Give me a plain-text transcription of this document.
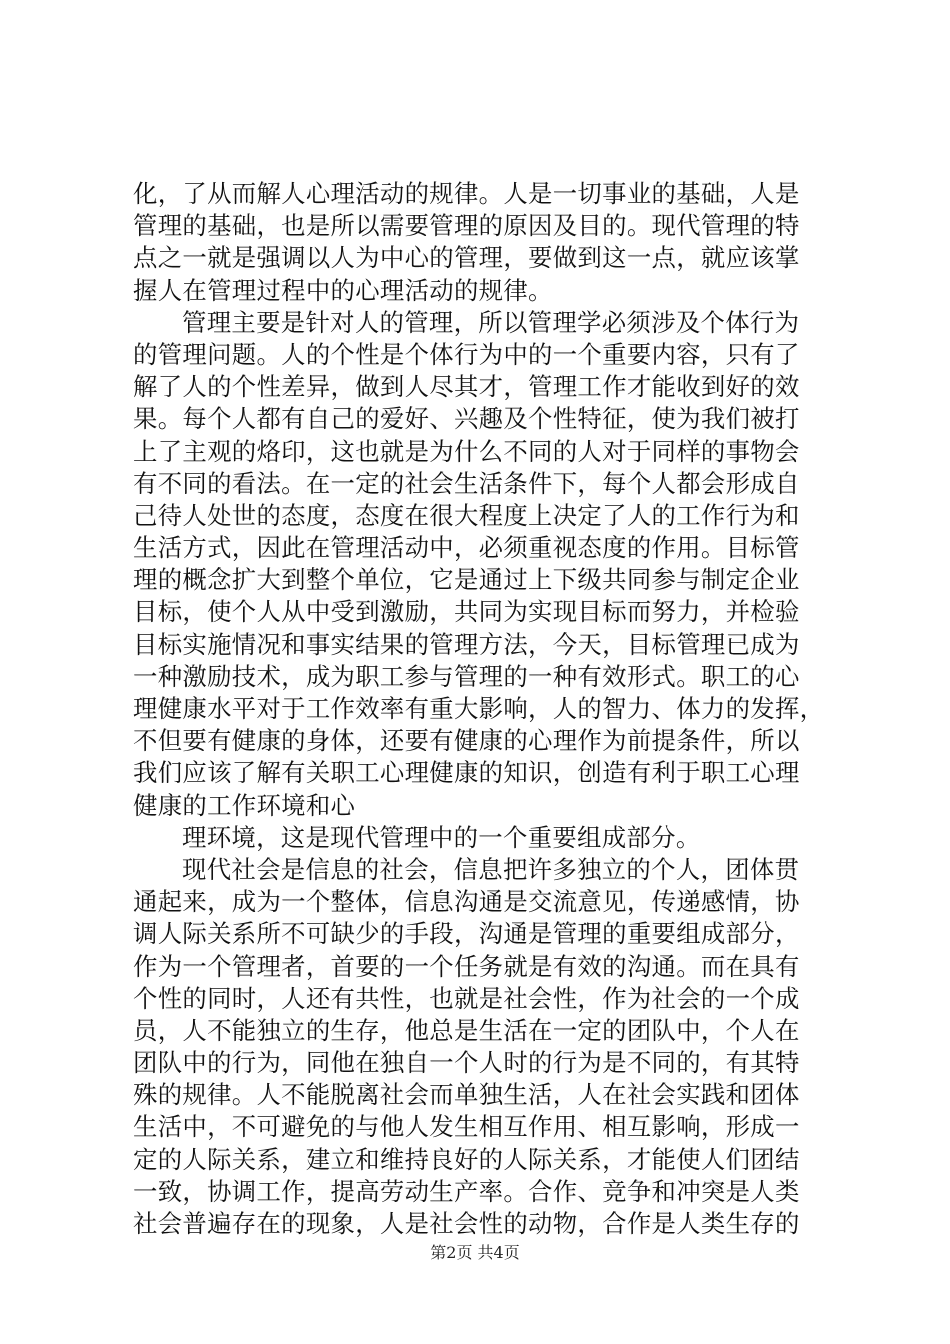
化，了从而解人心理活动的规律。人是一切事业的基础，人是
管理的基础，也是所以需要管理的原因及目的。现代管理的特
点之一就是强调以人为中心的管理，要做到这一点，就应该掌
握人在管理过程中的心理活动的规律。
管理主要是针对人的管理，所以管理学必须涉及个体行为
的管理问题。人的个性是个体行为中的一个重要内容，只有了
解了人的个性差异，做到人尽其才，管理工作才能收到好的效
果。每个人都有自己的爱好、兴趣及个性特征，使为我们被打
上了主观的烙印，这也就是为什么不同的人对于同样的事物会
有不同的看法。在一定的社会生活条件下，每个人都会形成自
己待人处世的态度，态度在很大程度上决定了人的工作行为和
生活方式，因此在管理活动中，必须重视态度的作用。目标管
理的概念扩大到整个单位，它是通过上下级共同参与制定企业
目标，使个人从中受到激励，共同为实现目标而努力，并检验
目标实施情况和事实结果的管理方法，今天，目标管理已成为
一种激励技术，成为职工参与管理的一种有效形式。职工的心
理健康水平对于工作效率有重大影响，人的智力、体力的发挥，
不但要有健康的身体，还要有健康的心理作为前提条件，所以
我们应该了解有关职工心理健康的知识，创造有利于职工心理
健康的工作环境和心
理环境，这是现代管理中的一个重要组成部分。
现代社会是信息的社会，信息把许多独立的个人，团体贯
通起来，成为一个整体，信息沟通是交流意见，传递感情，协
调人际关系所不可缺少的手段，沟通是管理的重要组成部分，
作为一个管理者，首要的一个任务就是有效的沟通。而在具有
个性的同时，人还有共性，也就是社会性，作为社会的一个成
员，人不能独立的生存，他总是生活在一定的团队中，个人在
团队中的行为，同他在独自一个人时的行为是不同的，有其特
殊的规律。人不能脱离社会而单独生活，人在社会实践和团体
生活中，不可避免的与他人发生相互作用、相互影响，形成一
定的人际关系，建立和维持良好的人际关系，才能使人们团结
一致，协调工作，提高劳动生产率。合作、竞争和冲突是人类
社会普遍存在的现象，人是社会性的动物，合作是人类生存的
第2页 共4页
